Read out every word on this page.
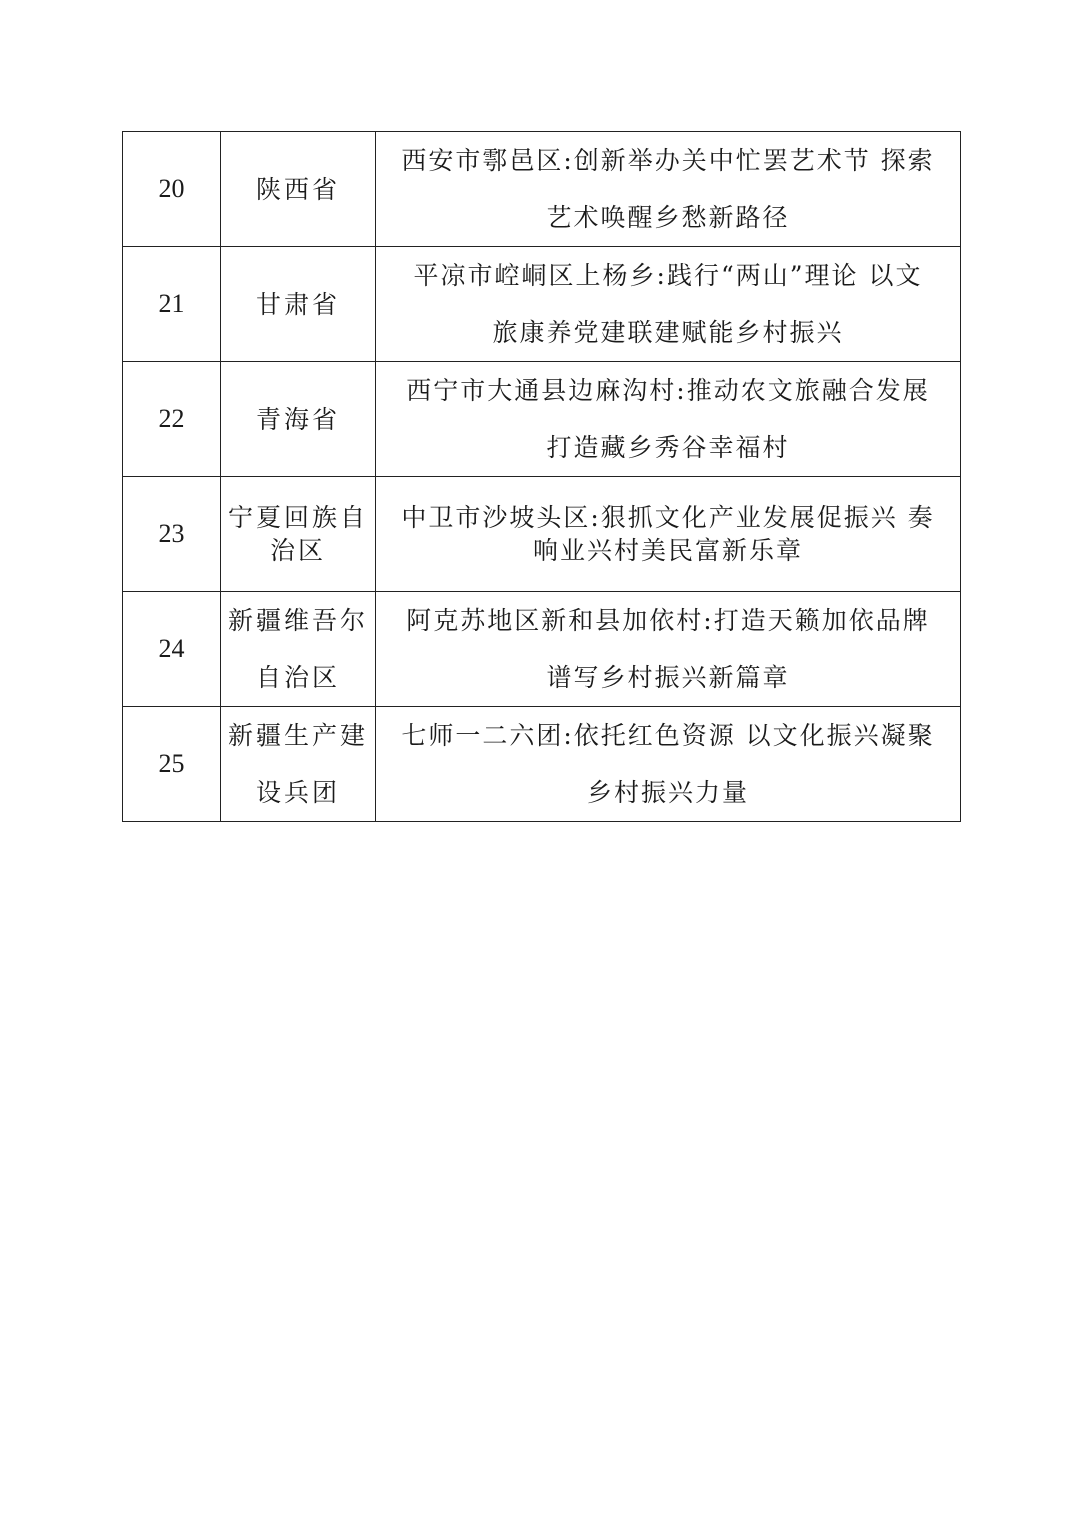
20	陕西省	西安市鄠邑区:创新举办关中忙罢艺术节 探索
艺术唤醒乡愁新路径

21	甘肃省	平凉市崆峒区上杨乡:践行“两山”理论 以文
旅康养党建联建赋能乡村振兴

22	青海省	西宁市大通县边麻沟村:推动农文旅融合发展
打造藏乡秀谷幸福村

23	宁夏回族自
治区	中卫市沙坡头区:狠抓文化产业发展促振兴 奏
响业兴村美民富新乐章

24	新疆维吾尔
自治区	阿克苏地区新和县加依村:打造天籁加依品牌
谱写乡村振兴新篇章

25	新疆生产建
设兵团	七师一二六团:依托红色资源 以文化振兴凝聚
乡村振兴力量
